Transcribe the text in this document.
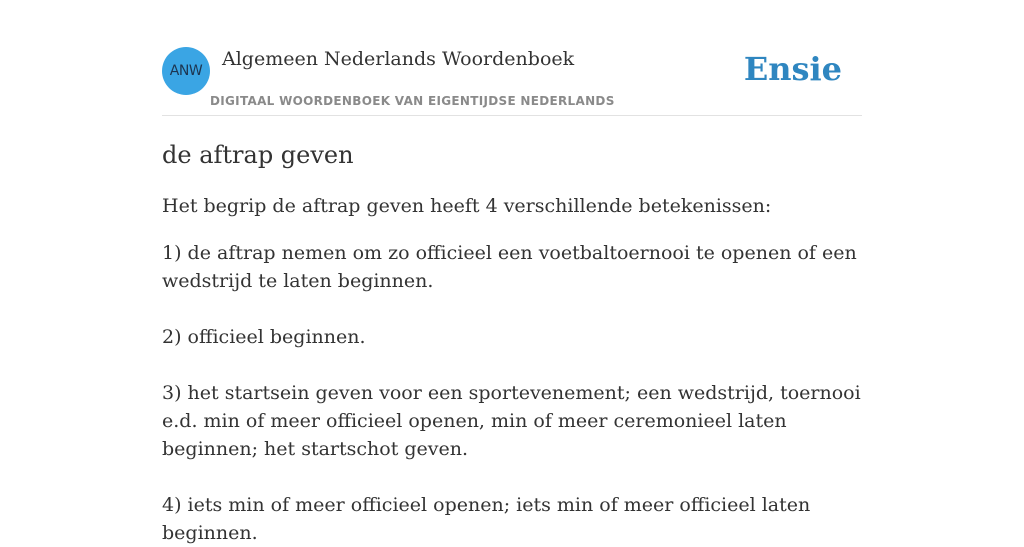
ANW
Algemeen Nederlands Woordenboek
DIGITAAL WOORDENBOEK VAN EIGENTIJDSE NEDERLANDS
Ensie
de aftrap geven

Het begrip de aftrap geven heeft 4 verschillende betekenissen:

1) de aftrap nemen om zo officieel een voetbaltoernooi te openen of een wedstrijd te laten beginnen.

2) officieel beginnen.

3) het startsein geven voor een sportevenement; een wedstrijd, toernooi e.d. min of meer officieel openen, min of meer ceremonieel laten beginnen; het startschot geven.

4) iets min of meer officieel openen; iets min of meer officieel laten beginnen.
